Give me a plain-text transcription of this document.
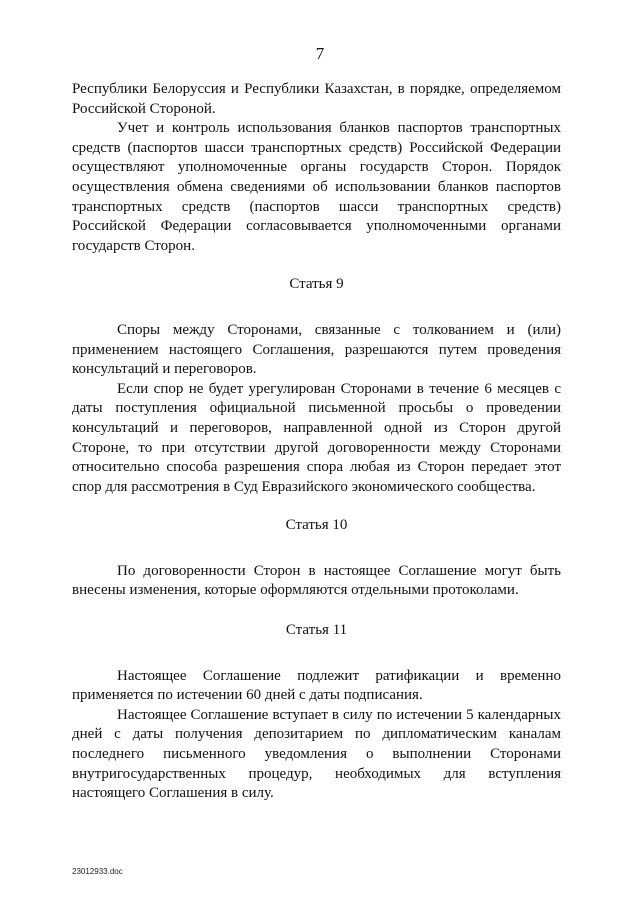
7

Республики Белоруссия и Республики Казахстан, в порядке, определяемом Российской Стороной.

Учет и контроль использования бланков паспортов транспортных средств (паспортов шасси транспортных средств) Российской Федерации осуществляют уполномоченные органы государств Сторон. Порядок осуществления обмена сведениями об использовании бланков паспортов транспортных средств (паспортов шасси транспортных средств) Российской Федерации согласовывается уполномоченными органами государств Сторон.

Статья 9

Споры между Сторонами, связанные с толкованием и (или) применением настоящего Соглашения, разрешаются путем проведения консультаций и переговоров.

Если спор не будет урегулирован Сторонами в течение 6 месяцев с даты поступления официальной письменной просьбы о проведении консультаций и переговоров, направленной одной из Сторон другой Стороне, то при отсутствии другой договоренности между Сторонами относительно способа разрешения спора любая из Сторон передает этот спор для рассмотрения в Суд Евразийского экономического сообщества.

Статья 10

По договоренности Сторон в настоящее Соглашение могут быть внесены изменения, которые оформляются отдельными протоколами.

Статья 11

Настоящее Соглашение подлежит ратификации и временно применяется по истечении 60 дней с даты подписания.

Настоящее Соглашение вступает в силу по истечении 5 календарных дней с даты получения депозитарием по дипломатическим каналам последнего письменного уведомления о выполнении Сторонами внутригосударственных процедур, необходимых для вступления настоящего Соглашения в силу.

23012933.doc
